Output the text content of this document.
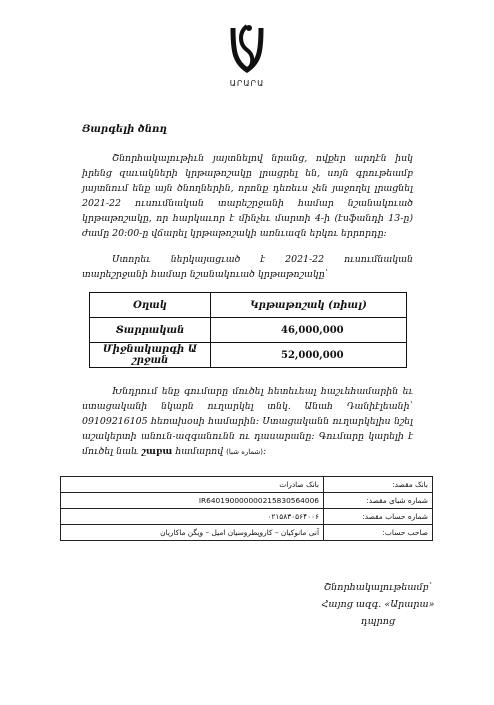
ԱՐԱՐԱ
Յարգելի ծնող
Շնորհակալութիւն յայտնելով նրանց, ովքեր արդէն իսկ իրենց զաւակների կրթաթոշակը լրացրել են, սոյն գրութեամբ յայտնում ենք այն ծնողներին, որոնք դեռեւս չեն յաջողել լրացնել 2021-22 ուսումնական տարեշրջանի համար նշանակուած կրթաթոշակը, որ հարկաւոր է մինչեւ մարտի 4-ի (էսֆանդի 13-ը) ժամը 20:00-ը վճարել կրթաթոշակի առնւազն երկու երրորդը:
Ստորեւ ներկայացւած է 2021-22 ուսումնական տարեշրջանի համար նշանակուած կրթաթոշակը՝
Օղակ	Կրթաթոշակ (ռիալ)
Տարրական	46,000,000
Միջնակարգի Ա շրջան	52,000,000
Խնդրում ենք գումարը մուծել հետեւեալ հաշւեհամարին եւ ստացականի նկարն ուղարկել տնկ. Անահ Դանիէլեանի՝ 09109216105 հեռախօսի համարին: Ստացականն ուղարկելիս նշել աշակերտի անուն-ազգանունն ու դասարանը: Գումարը կարելի է մուծել նաև շաբա համարով (شماره شبا):
بانک مقصد:	بانک صادرات
شماره شبای مقصد:	IR640190000000215830564006
شماره حساب مقصد:	۰۲۱۵۸۳۰۵۶۴۰۰۶
صاحب حساب:	آنی مانوکیان – کاروپطروسیان امیل – ویگن ماکاریان
Շնորհակալութեամբ՝
Հայոց ազգ. «Արարա» դպրոց
